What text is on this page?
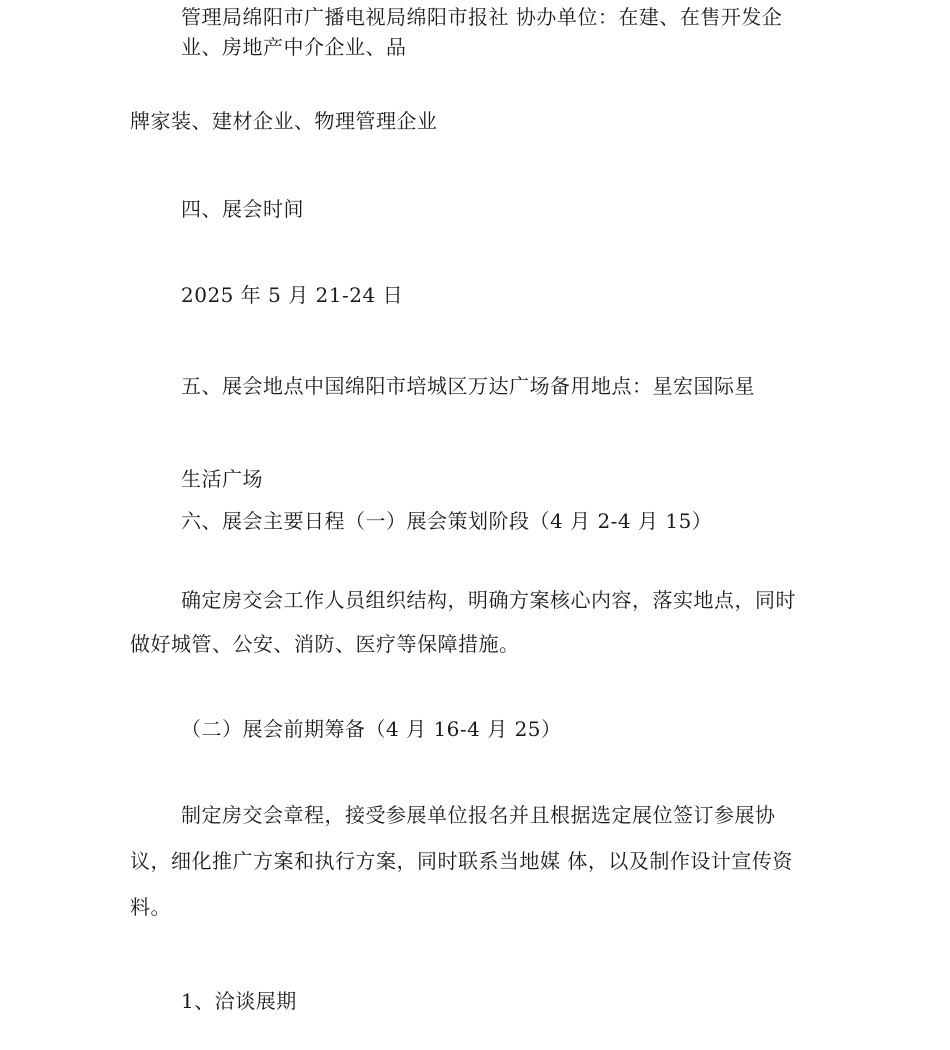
管理局绵阳市广播电视局绵阳市报社 协办单位：在建、在售开发企
业、房地产中介企业、品
牌家装、建材企业、物理管理企业
四、展会时间
2025 年 5 月 21-24 日
五、展会地点中国绵阳市培城区万达广场备用地点：星宏国际星
生活广场
六、展会主要日程（一）展会策划阶段（4 月 2-4 月 15）
确定房交会工作人员组织结构，明确方案核心内容，落实地点，同时
做好城管、公安、消防、医疗等保障措施。
（二）展会前期筹备（4 月 16-4 月 25）
制定房交会章程，接受参展单位报名并且根据选定展位签订参展协
议，细化推广方案和执行方案，同时联系当地媒 体，以及制作设计宣传资
料。
1、洽谈展期
